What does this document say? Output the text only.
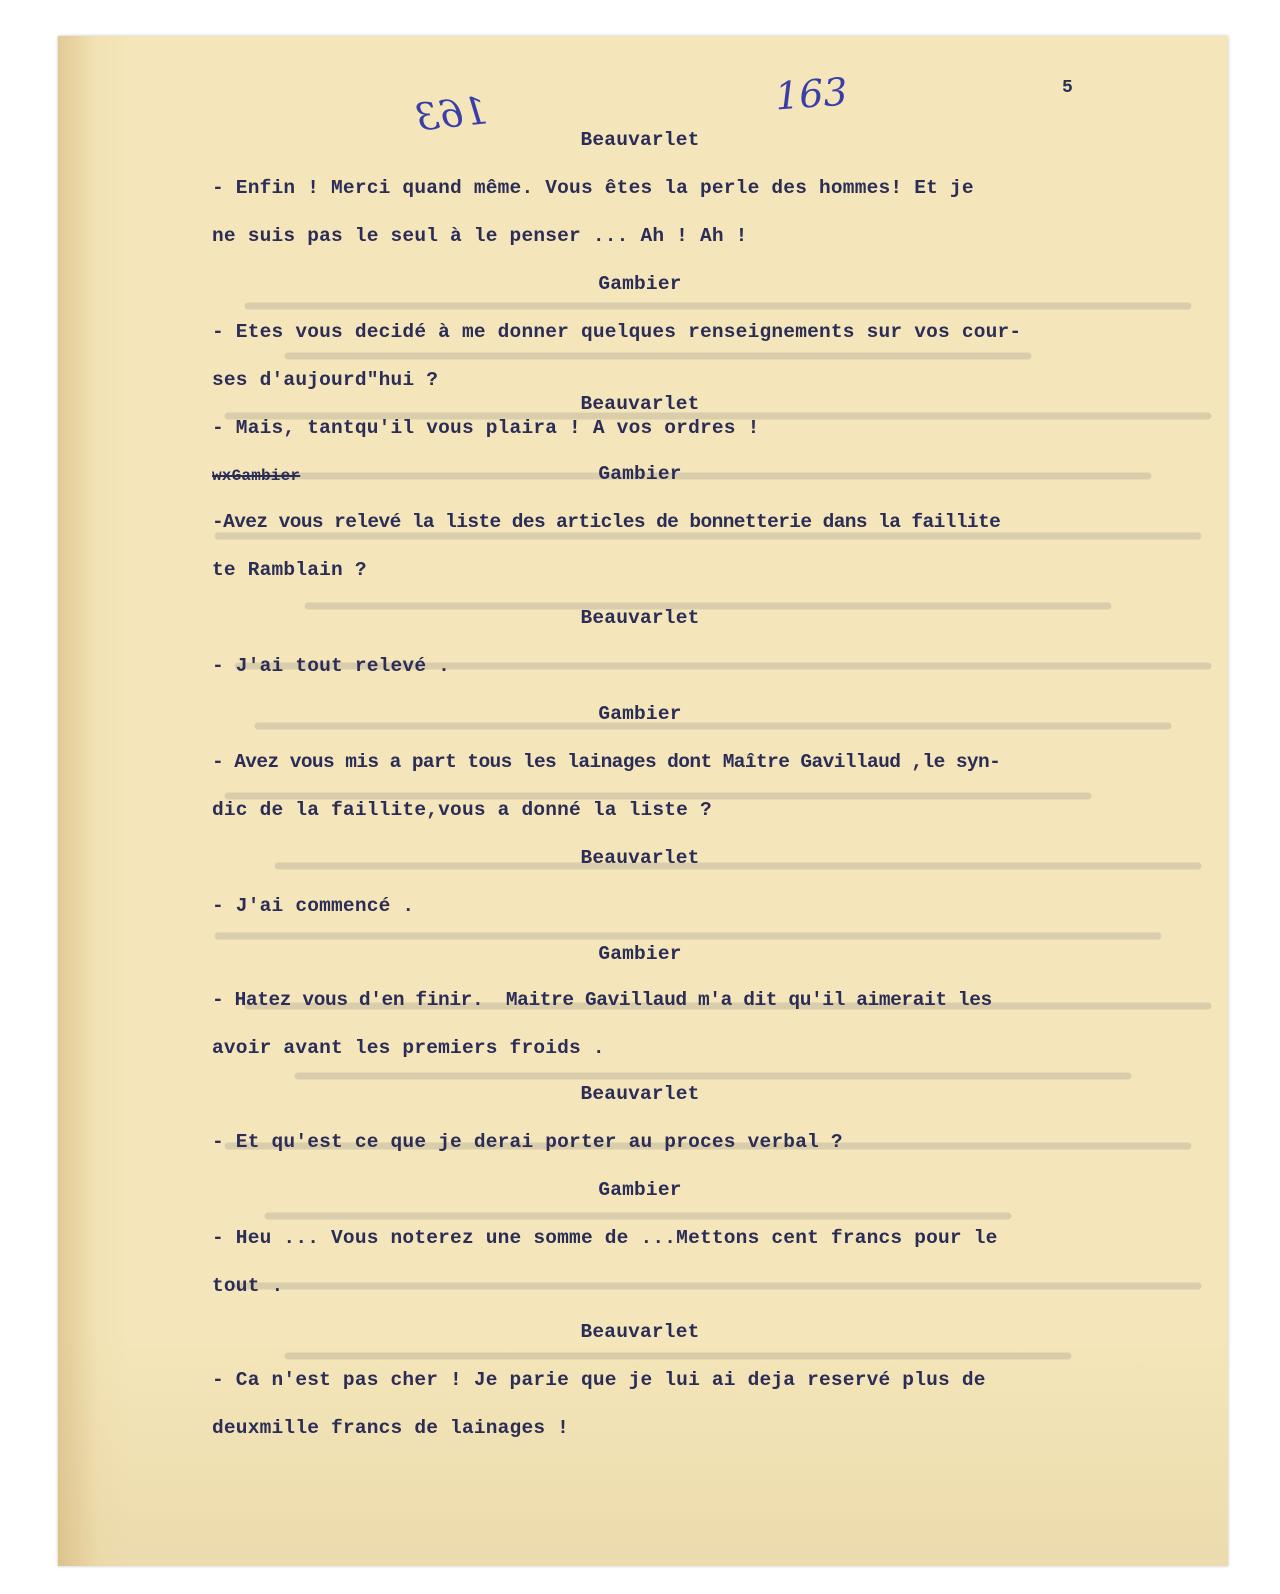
163	163	5
Beauvarlet
- Enfin ! Merci quand même. Vous êtes la perle des hommes! Et je
ne suis pas le seul à le penser ... Ah ! Ah !
Gambier
- Etes vous decidé à me donner quelques renseignements sur vos cour-
ses d'aujourd"hui ?
Beauvarlet
- Mais, tantqu'il vous plaira ! A vos ordres !
wxGambier	Gambier
-Avez vous relevé la liste des articles de bonnetterie dans la faillite
te Ramblain ?
Beauvarlet
- J'ai tout relevé .
Gambier
- Avez vous mis a part tous les lainages dont Maître Gavillaud ,le syn-
dic de la faillite,vous a donné la liste ?
Beauvarlet
- J'ai commencé .
Gambier
- Hatez vous d'en finir.  Maitre Gavillaud m'a dit qu'il aimerait les
avoir avant les premiers froids .
Beauvarlet
- Et qu'est ce que je derai porter au proces verbal ?
Gambier
- Heu ... Vous noterez une somme de ...Mettons cent francs pour le
tout .
Beauvarlet
- Ca n'est pas cher ! Je parie que je lui ai deja reservé plus de
deuxmille francs de lainages !
